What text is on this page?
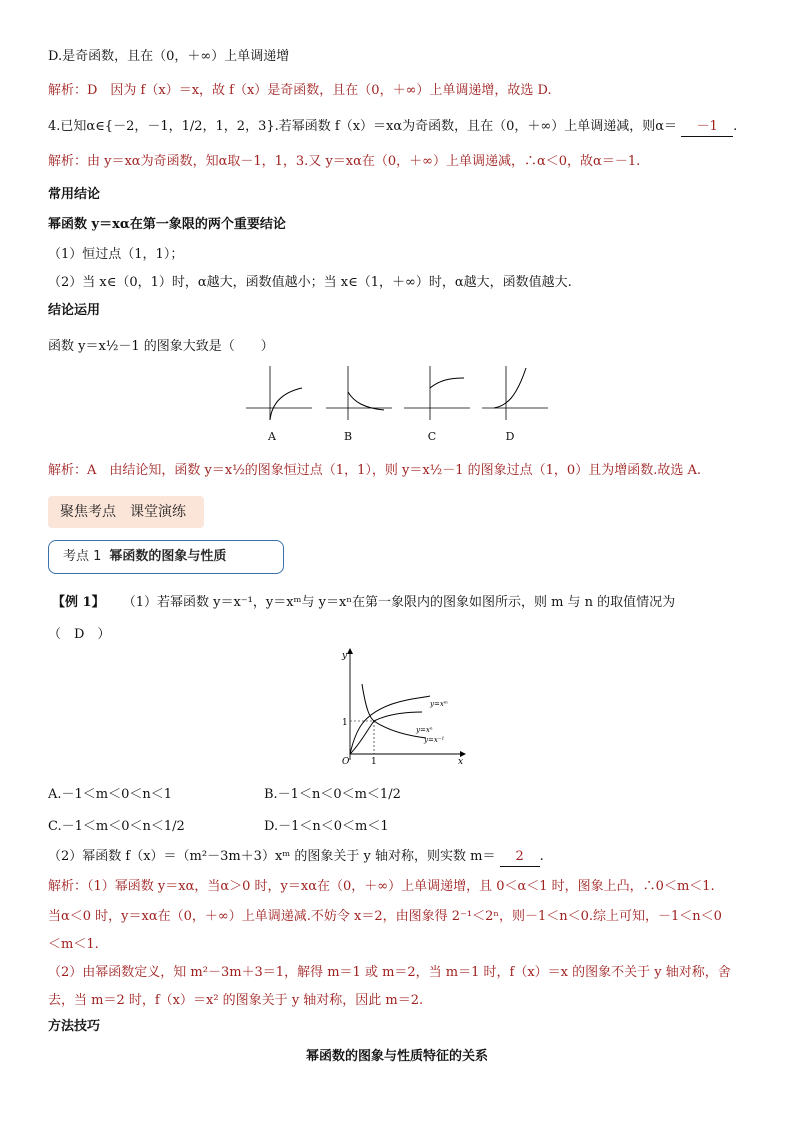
D.是奇函数，且在（0，＋∞）上单调递增
解析：D　因为 f（x）＝x，故 f（x）是奇函数，且在（0，＋∞）上单调递增，故选 D.
4.已知α∈{－2，－1，1/2，1，2，3}.若幂函数 f（x）＝xα为奇函数，且在（0，＋∞）上单调递减，则α＝ －1 .
解析：由 y＝xα为奇函数，知α取－1，1，3.又 y＝xα在（0，＋∞）上单调递减，∴α＜0，故α＝－1.
常用结论
幂函数 y＝xα在第一象限的两个重要结论
（1）恒过点（1，1）；
（2）当 x∈（0，1）时，α越大，函数值越小；当 x∈（1，＋∞）时，α越大，函数值越大.
结论运用
函数 y＝x½－1 的图象大致是（　　）
A	B	C	D
解析：A　由结论知，函数 y＝x½的图象恒过点（1，1），则 y＝x½－1 的图象过点（1，0）且为增函数.故选 A.
聚焦考点　课堂演练
考点 1 幂函数的图象与性质
【例 1】 （1）若幂函数 y＝x⁻¹，y＝xᵐ与 y＝xⁿ在第一象限内的图象如图所示，则 m 与 n 的取值情况为
（　D　）
y
x
O 1
1
y=xᵐ
y=xⁿ
y=x⁻¹
A.－1＜m＜0＜n＜1	B.－1＜n＜0＜m＜1/2
C.－1＜m＜0＜n＜1/2	D.－1＜n＜0＜m＜1
（2）幂函数 f（x）＝（m²－3m＋3）xᵐ 的图象关于 y 轴对称，则实数 m＝ 2 .
解析：（1）幂函数 y＝xα，当α＞0 时，y＝xα在（0，＋∞）上单调递增，且 0＜α＜1 时，图象上凸，∴0＜m＜1.
当α＜0 时，y＝xα在（0，＋∞）上单调递减.不妨令 x＝2，由图象得 2⁻¹＜2ⁿ，则－1＜n＜0.综上可知，－1＜n＜0
＜m＜1.
（2）由幂函数定义，知 m²－3m＋3＝1，解得 m＝1 或 m＝2，当 m＝1 时，f（x）＝x 的图象不关于 y 轴对称，舍
去，当 m＝2 时，f（x）＝x² 的图象关于 y 轴对称，因此 m＝2.
方法技巧
幂函数的图象与性质特征的关系
